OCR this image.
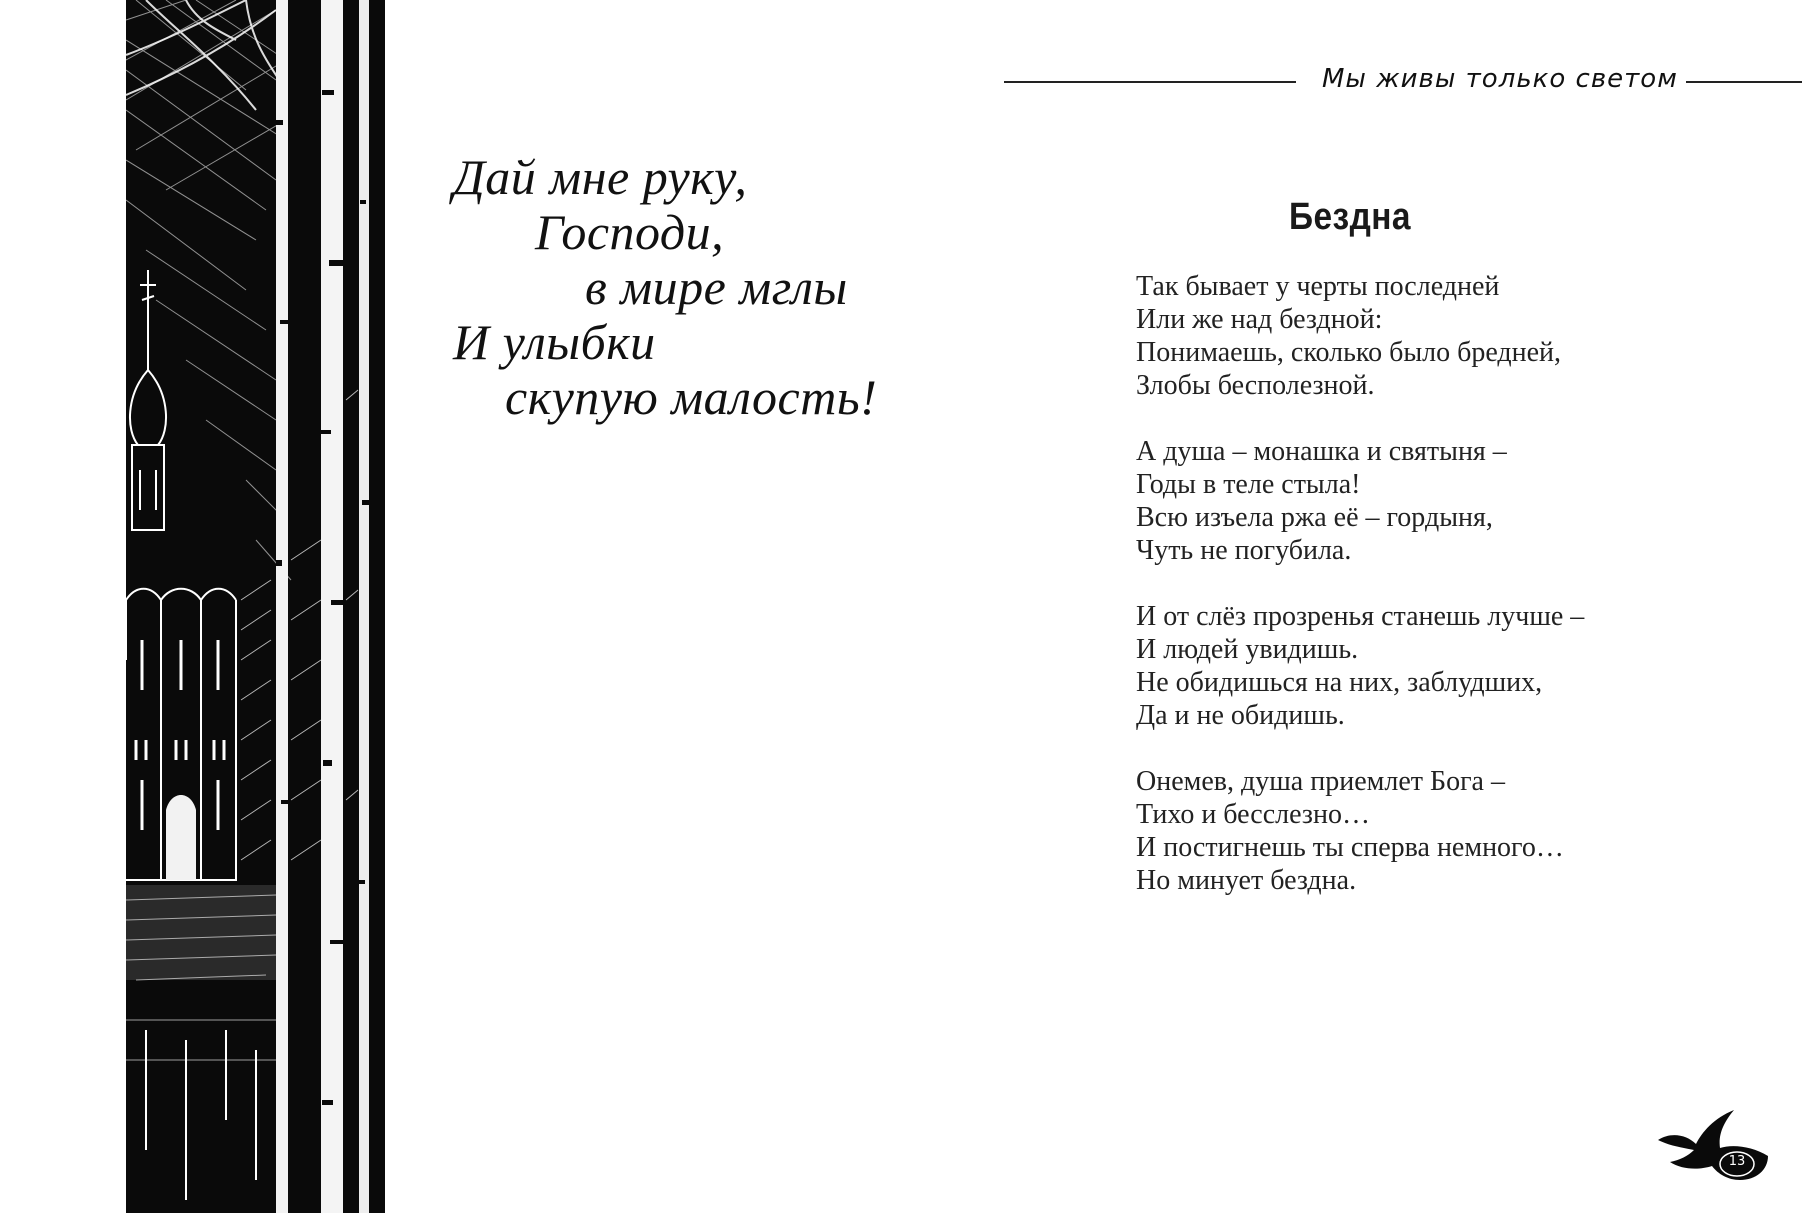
Дай мне руку,
Господи,
в мире мглы
И улыбки
скупую малость!
Мы живы только светом
Бездна
Так бывает у черты последней
Или же над бездной:
Понимаешь, сколько было бредней,
Злобы бесполезной.
А душа – монашка и святыня –
Годы в теле стыла!
Всю изъела ржа её – гордыня,
Чуть не погубила.
И от слёз прозренья станешь лучше –
И людей увидишь.
Не обидишься на них, заблудших,
Да и не обидишь.
Онемев, душа приемлет Бога –
Тихо и бесслезно…
И постигнешь ты сперва немного…
Но минует бездна.
13
